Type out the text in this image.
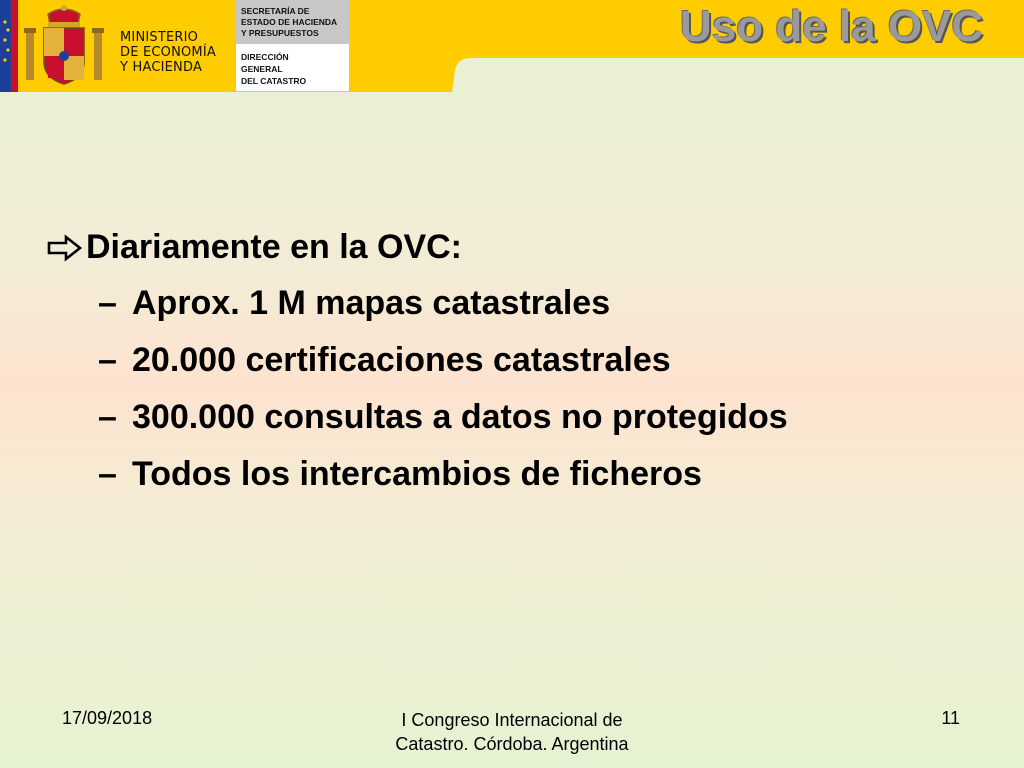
MINISTERIO
DE ECONOMÍA
Y HACIENDA
SECRETARÍA DE
ESTADO DE HACIENDA
Y PRESUPUESTOS
DIRECCIÓN
GENERAL
DEL CATASTRO
Uso de la OVC
Diariamente en la OVC:
– Aprox. 1 M mapas catastrales
– 20.000 certificaciones catastrales
– 300.000 consultas a datos no protegidos
– Todos los intercambios de ficheros
17/09/2018	I Congreso Internacional de
Catastro. Córdoba. Argentina
11
